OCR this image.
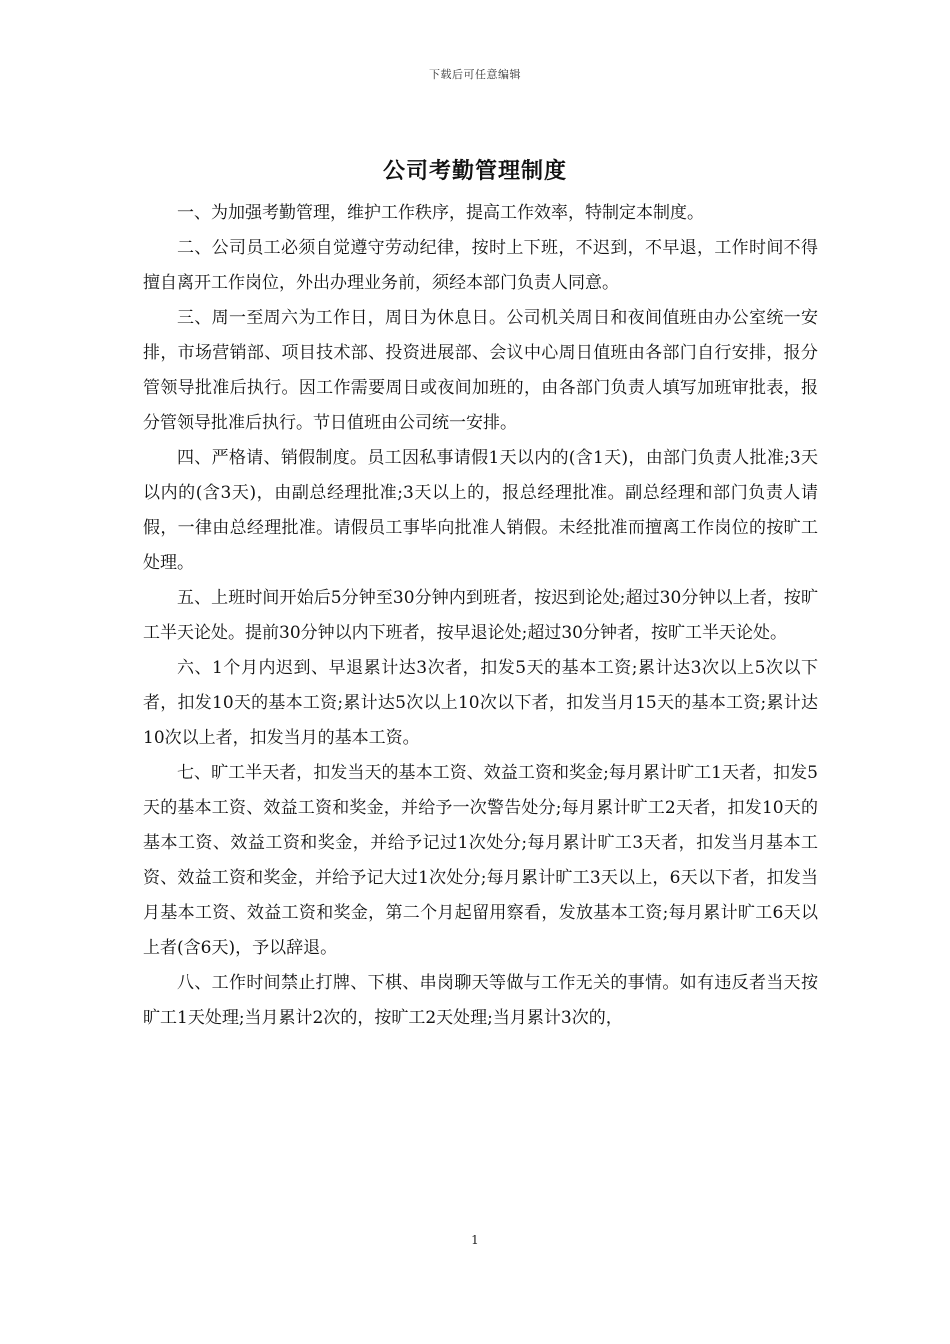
下载后可任意编辑
公司考勤管理制度

一、为加强考勤管理，维护工作秩序，提高工作效率，特制定本制度。

二、公司员工必须自觉遵守劳动纪律，按时上下班，不迟到，不早退，工作时间不得擅自离开工作岗位，外出办理业务前，须经本部门负责人同意。

三、周一至周六为工作日，周日为休息日。公司机关周日和夜间值班由办公室统一安排，市场营销部、项目技术部、投资进展部、会议中心周日值班由各部门自行安排，报分管领导批准后执行。因工作需要周日或夜间加班的，由各部门负责人填写加班审批表，报分管领导批准后执行。节日值班由公司统一安排。

四、严格请、销假制度。员工因私事请假1天以内的(含1天)，由部门负责人批准;3天以内的(含3天)，由副总经理批准;3天以上的，报总经理批准。副总经理和部门负责人请假，一律由总经理批准。请假员工事毕向批准人销假。未经批准而擅离工作岗位的按旷工处理。

五、上班时间开始后5分钟至30分钟内到班者，按迟到论处;超过30分钟以上者，按旷工半天论处。提前30分钟以内下班者，按早退论处;超过30分钟者，按旷工半天论处。

六、1个月内迟到、早退累计达3次者，扣发5天的基本工资;累计达3次以上5次以下者，扣发10天的基本工资;累计达5次以上10次以下者，扣发当月15天的基本工资;累计达10次以上者，扣发当月的基本工资。

七、旷工半天者，扣发当天的基本工资、效益工资和奖金;每月累计旷工1天者，扣发5天的基本工资、效益工资和奖金，并给予一次警告处分;每月累计旷工2天者，扣发10天的基本工资、效益工资和奖金，并给予记过1次处分;每月累计旷工3天者，扣发当月基本工资、效益工资和奖金，并给予记大过1次处分;每月累计旷工3天以上，6天以下者，扣发当月基本工资、效益工资和奖金，第二个月起留用察看，发放基本工资;每月累计旷工6天以上者(含6天)，予以辞退。

八、工作时间禁止打牌、下棋、串岗聊天等做与工作无关的事情。如有违反者当天按旷工1天处理;当月累计2次的，按旷工2天处理;当月累计3次的，

1
